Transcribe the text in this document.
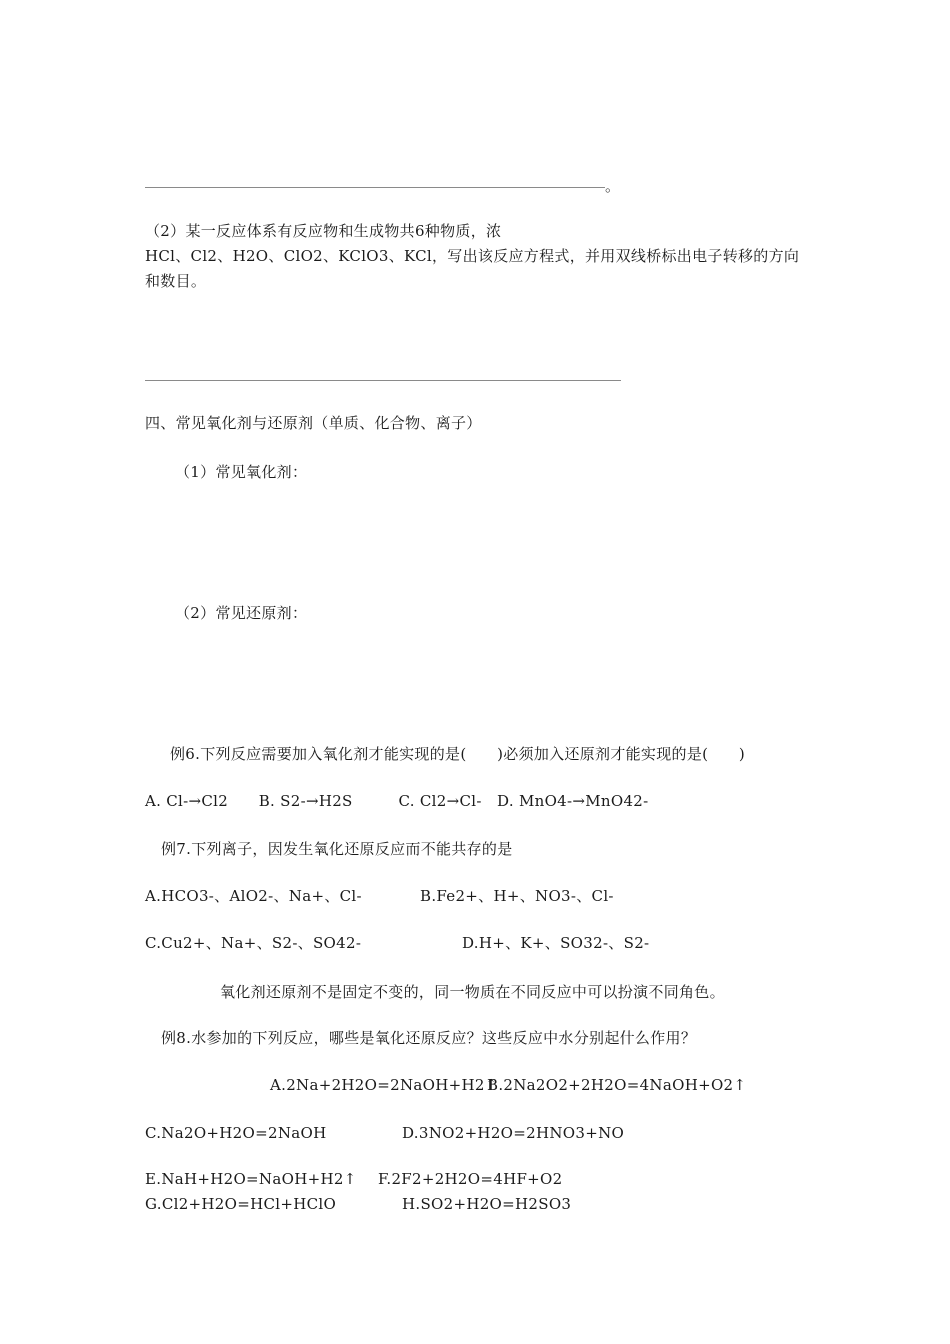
。
（2）某一反应体系有反应物和生成物共6种物质，浓
HCl、Cl2、H2O、ClO2、KClO3、KCl，写出该反应方程式，并用双线桥标出电子转移的方向
和数目。
四、常见氧化剂与还原剂（单质、化合物、离子）
（1）常见氧化剂：
（2）常见还原剂：
例6.下列反应需要加入氧化剂才能实现的是(　　)必须加入还原剂才能实现的是(　　)
A. Cl-→Cl2　　B. S2-→H2S　　　C. Cl2→Cl-　D. MnO4-→MnO42-
例7.下列离子，因发生氧化还原反应而不能共存的是
A.HCO3-、AlO2-、Na+、Cl-	B.Fe2+、H+、NO3-、Cl-
C.Cu2+、Na+、S2-、SO42-	D.H+、K+、SO32-、S2-
氧化剂还原剂不是固定不变的，同一物质在不同反应中可以扮演不同角色。
例8.水参加的下列反应，哪些是氧化还原反应？这些反应中水分别起什么作用？
A.2Na+2H2O=2NaOH+H2↑
B.2Na2O2+2H2O=4NaOH+O2↑
C.Na2O+H2O=2NaOH	D.3NO2+H2O=2HNO3+NO
E.NaH+H2O=NaOH+H2↑ F.2F2+2H2O=4HF+O2
G.Cl2+H2O=HCl+HClO	H.SO2+H2O=H2SO3
